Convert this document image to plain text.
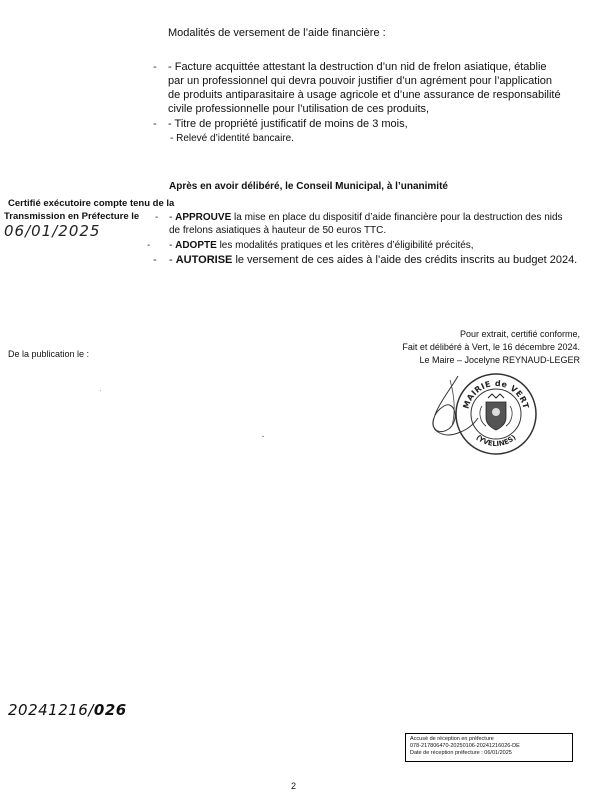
Modalités de versement de l’aide financière :
- - Facture acquittée attestant la destruction d’un nid de frelon asiatique, établie
par un professionnel qui devra pouvoir justifier d’un agrément pour l’application
de produits antiparasitaire à usage agricole et d’une assurance de responsabilité
civile professionnelle pour l’utilisation de ces produits,
- - Titre de propriété justificatif de moins de 3 mois,
- Relevé d’identité bancaire.
Après en avoir délibéré, le Conseil Municipal, à l’unanimité
Certifié exécutoire compte tenu de la
Transmission en Préfecture le
06/01/2025
- - APPROUVE la mise en place du dispositif d’aide financière pour la destruction des nids
de frelons asiatiques à hauteur de 50 euros TTC.
- - ADOPTE les modalités pratiques et les critères d’éligibilité précités,
- - AUTORISE le versement de ces aides à l’aide des crédits inscrits au budget 2024.
De la publication le :
Pour extrait, certifié conforme,
Fait et délibéré à Vert, le 16 décembre 2024.
Le Maire – Jocelyne REYNAUD-LEGER
MAIRIE de VERT
(YVELINES)
20241216/026
Accusé de réception en préfecture
078-217806470-20250106-20241216026-DE
Date de réception préfecture : 06/01/2025
2
